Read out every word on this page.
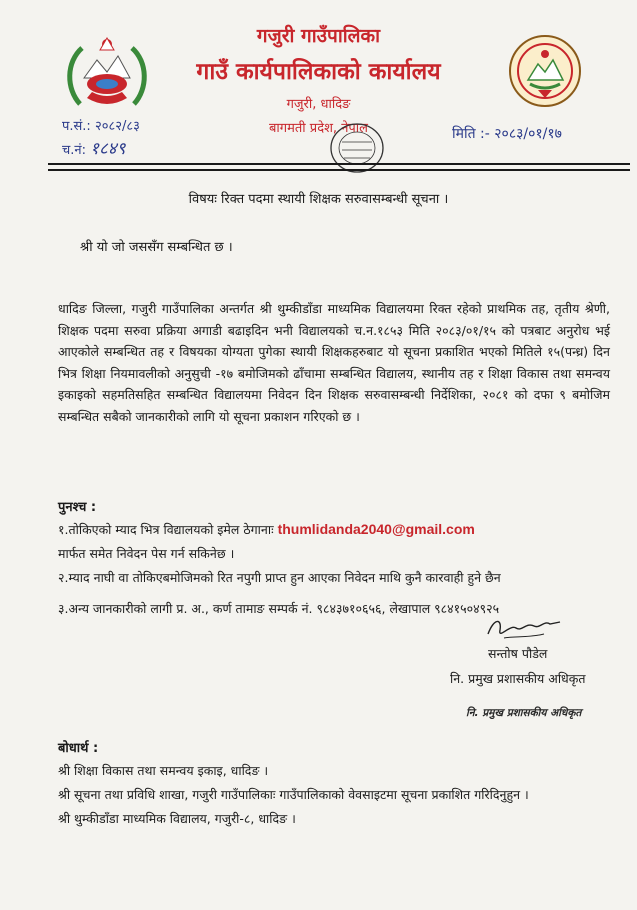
गजुरी गाउँपालिका
गाउँ कार्यपालिकाको कार्यालय
गजुरी, धादिङ
बागमती प्रदेश, नेपाल
प.सं.: २०८२/८३
च.नं: १८४९
मिति :- २०८३/०१/१७
विषयः रिक्त पदमा स्थायी शिक्षक सरुवासम्बन्धी सूचना ।
श्री यो जो जससँग सम्बन्धित छ ।
धादिङ जिल्ला, गजुरी गाउँपालिका अन्तर्गत श्री थुम्कीडाँडा माध्यमिक विद्यालयमा रिक्त रहेको प्राथमिक तह, तृतीय श्रेणी, शिक्षक पदमा सरुवा प्रक्रिया अगाडी बढाइदिन भनी विद्यालयको च.न.१८५३ मिति २०८३/०१/१५ को पत्रबाट अनुरोध भई आएकोले सम्बन्धित तह र विषयका योग्यता पुगेका स्थायी शिक्षकहरुबाट यो सूचना प्रकाशित भएको मितिले १५(पन्ध्र) दिन भित्र शिक्षा नियमावलीको अनुसुची -१७ बमोजिमको ढाँचामा सम्बन्धित विद्यालय, स्थानीय तह र शिक्षा विकास तथा समन्वय इकाइको सहमतिसहित सम्बन्धित विद्यालयमा निवेदन दिन शिक्षक सरुवासम्बन्धी निर्देशिका, २०८१ को दफा ९ बमोजिम सम्बन्धित सबैको जानकारीको लागि यो सूचना प्रकाशन गरिएको छ ।
पुनश्च :
१.तोकिएको म्याद भित्र विद्यालयको इमेल ठेगानाः thumlidanda2040@gmail.com
मार्फत समेत निवेदन पेस गर्न सकिनेछ ।
२.म्याद नाघी वा तोकिएबमोजिमको रित नपुगी प्राप्त हुन आएका निवेदन माथि कुनै कारवाही हुने छैन
३.अन्य जानकारीको लागी प्र. अ., कर्ण तामाङ सम्पर्क नं. ९८४३७१०६५६, लेखापाल ९८४१५०४९२५
सन्तोष पौडेल
नि. प्रमुख प्रशासकीय अधिकृत
नि. प्रमुख प्रशासकीय अधिकृत
बोधार्थ :
श्री शिक्षा विकास तथा समन्वय इकाइ, धादिङ ।
श्री सूचना तथा प्रविधि शाखा, गजुरी गाउँपालिकाः गाउँपालिकाको वेवसाइटमा सूचना प्रकाशित गरिदिनुहुन ।
श्री थुम्कीडाँडा माध्यमिक विद्यालय, गजुरी-८, धादिङ ।
